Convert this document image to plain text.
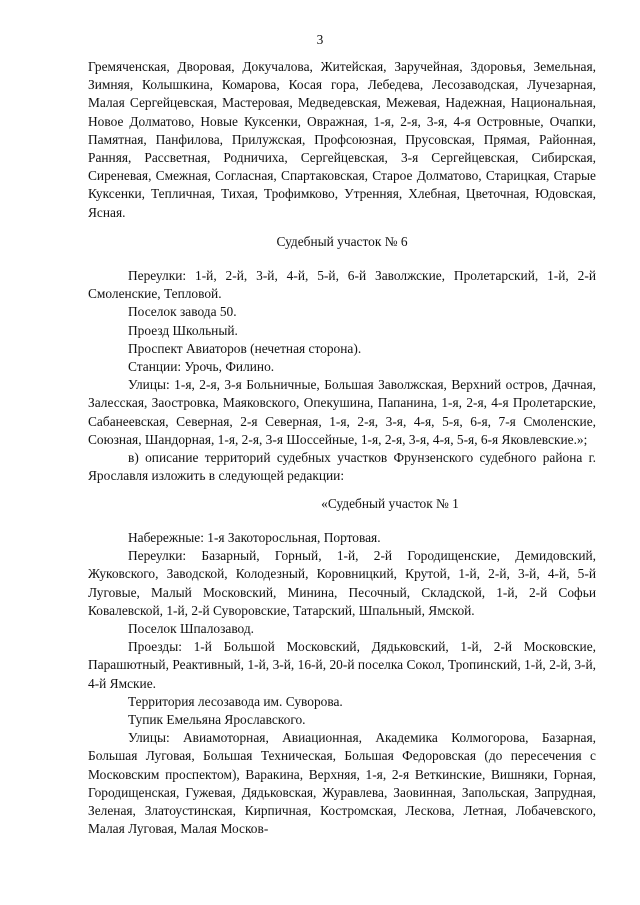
3

Гремяченская, Дворовая, Докучалова, Житейская, Заручейная, Здоровья, Земельная, Зимняя, Колышкина, Комарова, Косая гора, Лебедева, Лесозаводская, Лучезарная, Малая Сергейцевская, Мастеровая, Медведевская, Межевая, Надежная, Национальная, Новое Долматово, Новые Куксенки, Овражная, 1-я, 2-я, 3-я, 4-я Островные, Очапки, Памятная, Панфилова, Прилужская, Профсоюзная, Прусовская, Прямая, Районная, Ранняя, Рассветная, Родничиха, Сергейцевская, 3-я Сергейцевская, Сибирская, Сиреневая, Смежная, Согласная, Спартаковская, Старое Долматово, Старицкая, Старые Куксенки, Тепличная, Тихая, Трофимково, Утренняя, Хлебная, Цветочная, Юдовская, Ясная.

Судебный участок № 6

Переулки: 1-й, 2-й, 3-й, 4-й, 5-й, 6-й Заволжские, Пролетарский, 1-й, 2-й Смоленские, Тепловой.

Поселок завода 50.

Проезд Школьный.

Проспект Авиаторов (нечетная сторона).

Станции: Урочь, Филино.

Улицы: 1-я, 2-я, 3-я Больничные, Большая Заволжская, Верхний остров, Дачная, Залесская, Заостровка, Маяковского, Опекушина, Папанина, 1-я, 2-я, 4-я Пролетарские, Сабанеевская, Северная, 2-я Северная, 1-я, 2-я, 3-я, 4-я, 5-я, 6-я, 7-я Смоленские, Союзная, Шандорная, 1-я, 2-я, 3-я Шоссейные, 1-я, 2-я, 3-я, 4-я, 5-я, 6-я Яковлевские.»;

в) описание территорий судебных участков Фрунзенского судебного района г. Ярославля изложить в следующей редакции:

«Судебный участок № 1

Набережные: 1-я Закоторосльная, Портовая.

Переулки: Базарный, Горный, 1-й, 2-й Городищенские, Демидовский, Жуковского, Заводской, Колодезный, Коровницкий, Крутой, 1-й, 2-й, 3-й, 4-й, 5-й Луговые, Малый Московский, Минина, Песочный, Складской, 1-й, 2-й Софьи Ковалевской, 1-й, 2-й Суворовские, Татарский, Шпальный, Ямской.

Поселок Шпалозавод.

Проезды: 1-й Большой Московский, Дядьковский, 1-й, 2-й Московские, Парашютный, Реактивный, 1-й, 3-й, 16-й, 20-й поселка Сокол, Тропинский, 1-й, 2-й, 3-й, 4-й Ямские.

Территория лесозавода им. Суворова.

Тупик Емельяна Ярославского.

Улицы: Авиамоторная, Авиационная, Академика Колмогорова, Базарная, Большая Луговая, Большая Техническая, Большая Федоровская (до пересечения с Московским проспектом), Варакина, Верхняя, 1-я, 2-я Веткинские, Вишняки, Горная, Городищенская, Гужевая, Дядьковская, Журавлева, Заовинная, Запольская, Запрудная, Зеленая, Златоустинская, Кирпичная, Костромская, Лескова, Летная, Лобачевского, Малая Луговая, Малая Москов-
